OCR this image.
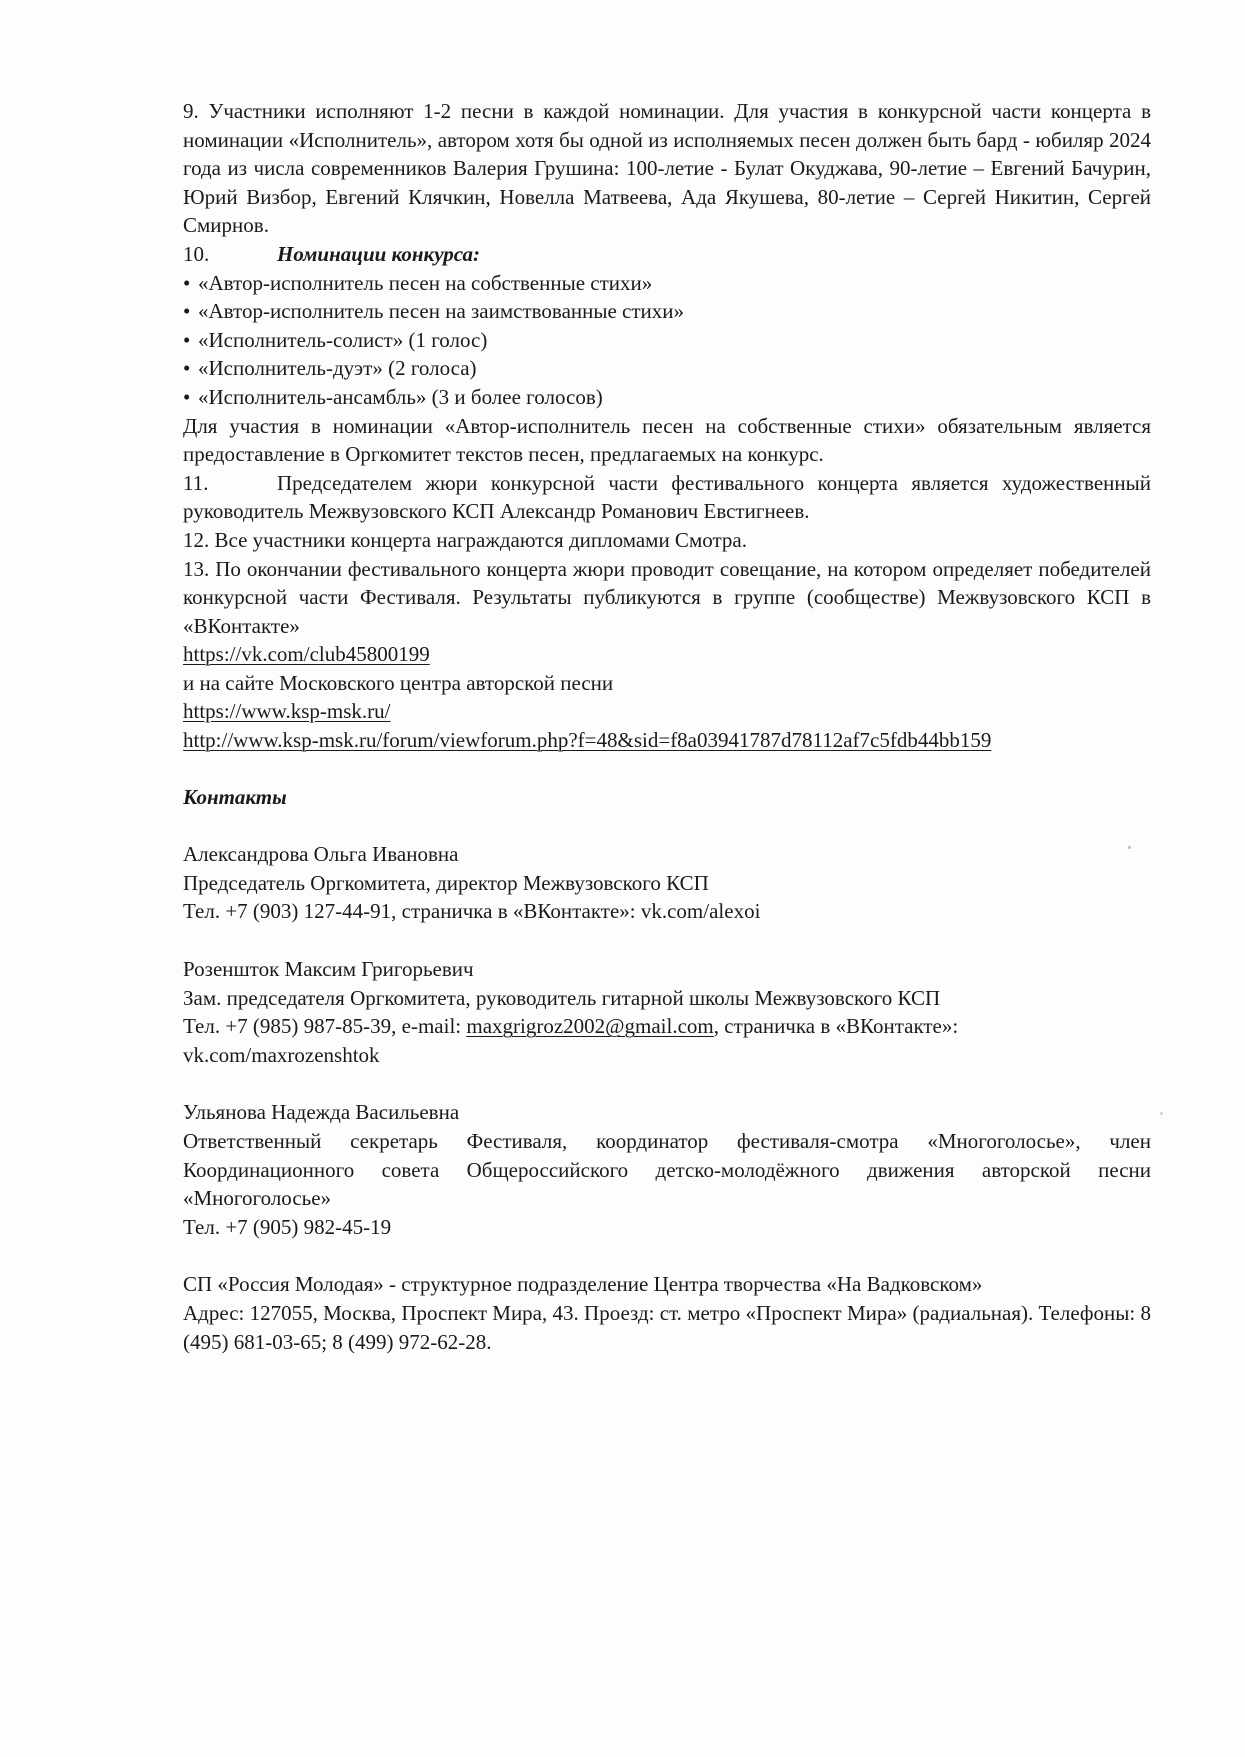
9. Участники исполняют 1-2 песни в каждой номинации. Для участия в конкурсной части концерта в номинации «Исполнитель», автором хотя бы одной из исполняемых песен должен быть бард - юбиляр 2024 года из числа современников Валерия Грушина: 100-летие - Булат Окуджава, 90-летие – Евгений Бачурин, Юрий Визбор, Евгений Клячкин, Новелла Матвеева, Ада Якушева, 80-летие – Сергей Никитин, Сергей Смирнов.

10.	Номинации конкурса:

• «Автор-исполнитель песен на собственные стихи»

• «Автор-исполнитель песен на заимствованные стихи»

• «Исполнитель-солист» (1 голос)

• «Исполнитель-дуэт» (2 голоса)

• «Исполнитель-ансамбль» (3 и более голосов)

Для участия в номинации «Автор-исполнитель песен на собственные стихи» обязательным является предоставление в Оргкомитет текстов песен, предлагаемых на конкурс.

11.	Председателем жюри конкурсной части фестивального концерта является художественный руководитель Межвузовского КСП Александр Романович Евстигнеев.

12. Все участники концерта награждаются дипломами Смотра.

13. По окончании фестивального концерта жюри проводит совещание, на котором определяет победителей конкурсной части Фестиваля. Результаты публикуются в группе (сообществе) Межвузовского КСП в «ВКонтакте»

https://vk.com/club45800199

и на сайте Московского центра авторской песни

https://www.ksp-msk.ru/

http://www.ksp-msk.ru/forum/viewforum.php?f=48&sid=f8a03941787d78112af7c5fdb44bb159

Контакты

Александрова Ольга Ивановна

Председатель Оргкомитета, директор Межвузовского КСП

Тел. +7 (903) 127-44-91, страничка в «ВКонтакте»: vk.com/alexoi

Розеншток Максим Григорьевич

Зам. председателя Оргкомитета, руководитель гитарной школы Межвузовского КСП

Тел. +7 (985) 987-85-39, e-mail: maxgrigroz2002@gmail.com, страничка в «ВКонтакте»:

vk.com/maxrozenshtok

Ульянова Надежда Васильевна

Ответственный секретарь Фестиваля, координатор фестиваля-смотра «Многоголосье», член Координационного совета Общероссийского детско-молодёжного движения авторской песни «Многоголосье»

Тел. +7 (905) 982-45-19

СП «Россия Молодая» - структурное подразделение Центра творчества «На Вадковском»

Адрес: 127055, Москва, Проспект Мира, 43. Проезд: ст. метро «Проспект Мира» (радиальная). Телефоны: 8 (495) 681-03-65; 8 (499) 972-62-28.
